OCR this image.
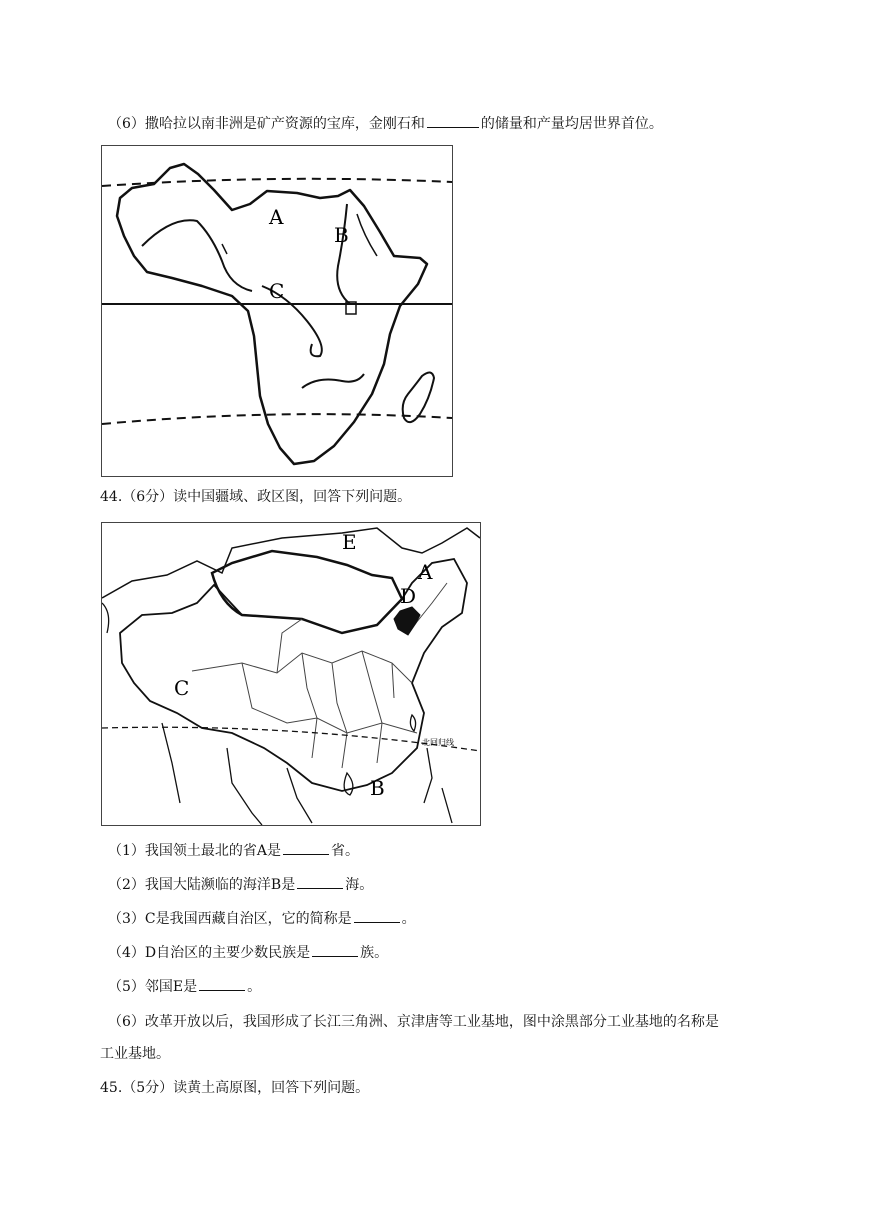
（6）撒哈拉以南非洲是矿产资源的宝库，金刚石和	的储量和产量均居世界首位。
A
B
C
44.（6分）读中国疆域、政区图，回答下列问题。
北回归线
E
A
D
C
B
（1）我国领土最北的省A是	省。
（2）我国大陆濒临的海洋B是	海。
（3）C是我国西藏自治区，它的简称是	。
（4）D自治区的主要少数民族是	族。
（5）邻国E是	。
（6）改革开放以后，我国形成了长江三角洲、京津唐等工业基地，图中涂黑部分工业基地的名称是
工业基地。
45.（5分）读黄土高原图，回答下列问题。
